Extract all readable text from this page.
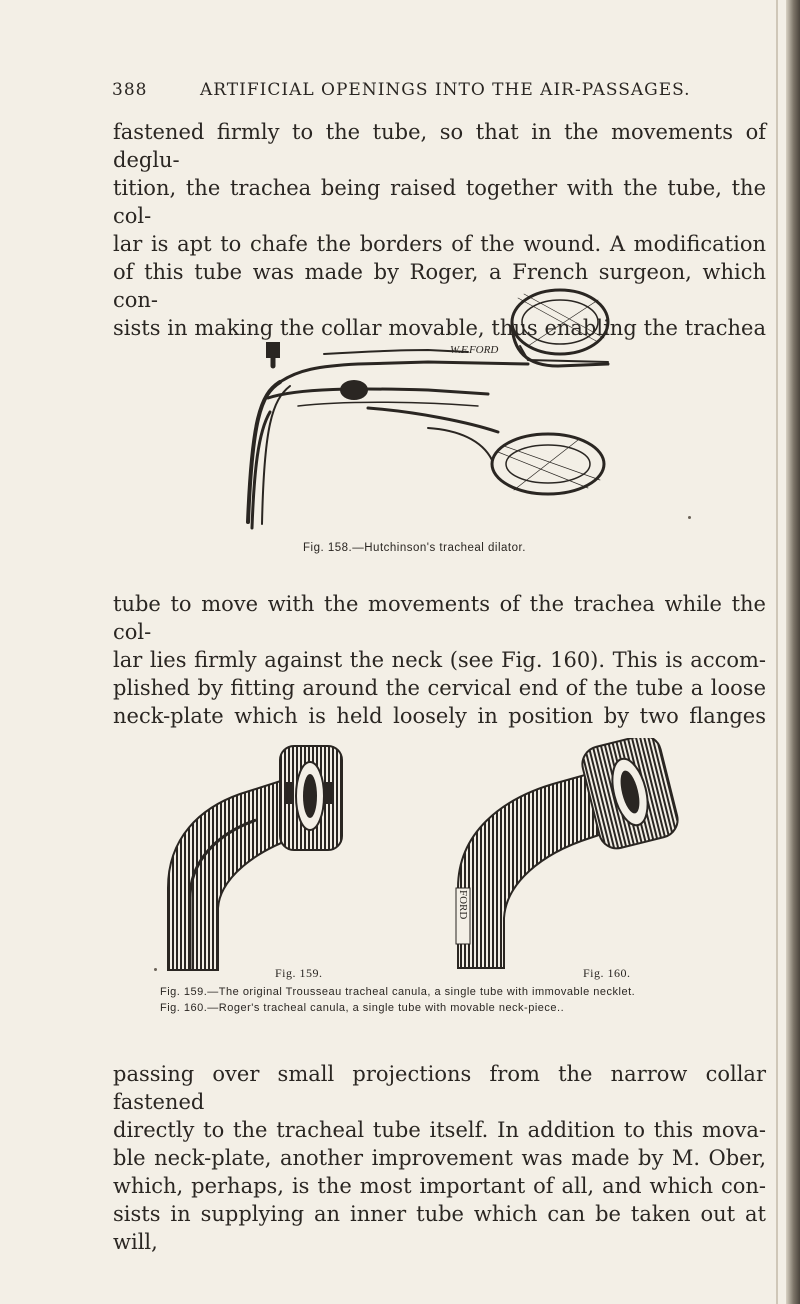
388	ARTIFICIAL OPENINGS INTO THE AIR-PASSAGES.

fastened firmly to the tube, so that in the movements of deglu-
tition, the trachea being raised together with the tube, the col-
lar is apt to chafe the borders of the wound. A modification
of this tube was made by Roger, a French surgeon, which con-
sists in making the collar movable, thus enabling the trachea

W.F.FORD
Fig. 158.—Hutchinson's tracheal dilator.

tube to move with the movements of the trachea while the col-
lar lies firmly against the neck (see Fig. 160). This is accom-
plished by fitting around the cervical end of the tube a loose
neck-plate which is held loosely in position by two flanges

Fig. 159.
FORD
Fig. 160.
Fig. 159.—The original Trousseau tracheal canula, a single tube with immovable necklet.
Fig. 160.—Roger's tracheal canula, a single tube with movable neck-piece..

passing over small projections from the narrow collar fastened
directly to the tracheal tube itself. In addition to this mova-
ble neck-plate, another improvement was made by M. Ober,
which, perhaps, is the most important of all, and which con-
sists in supplying an inner tube which can be taken out at will,
